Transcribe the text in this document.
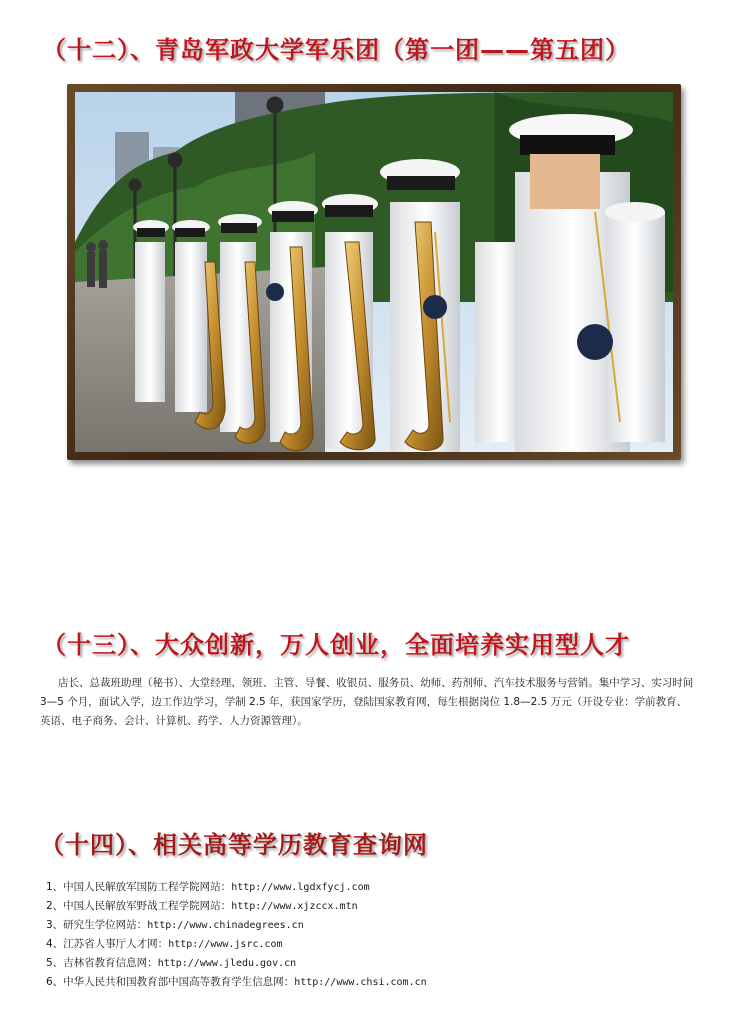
（十二）、青岛军政大学军乐团（第一团——第五团）
（十三）、大众创新，万人创业，全面培养实用型人才
店长、总裁班助理（秘书）、大堂经理、领班、主管、导餐、收银员、服务员、幼师、药剂师、汽车技术服务与营销。集中学习、实习时间
3—5 个月，面试入学，边工作边学习，学制 2.5 年，获国家学历，登陆国家教育网，每生根据岗位 1.8—2.5 万元（开设专业：学前教育、
英语、电子商务、会计、计算机、药学、人力资源管理）。
（十四）、相关高等学历教育查询网
1、中国人民解放军国防工程学院网站：http://www.lgdxfycj.com
2、中国人民解放军野战工程学院网站：http://www.xjzccx.mtn
3、研究生学位网站：http://www.chinadegrees.cn
4、江苏省人事厅人才网：http://www.jsrc.com
5、吉林省教育信息网：http://www.jledu.gov.cn
6、中华人民共和国教育部中国高等教育学生信息网：http://www.chsi.com.cn
